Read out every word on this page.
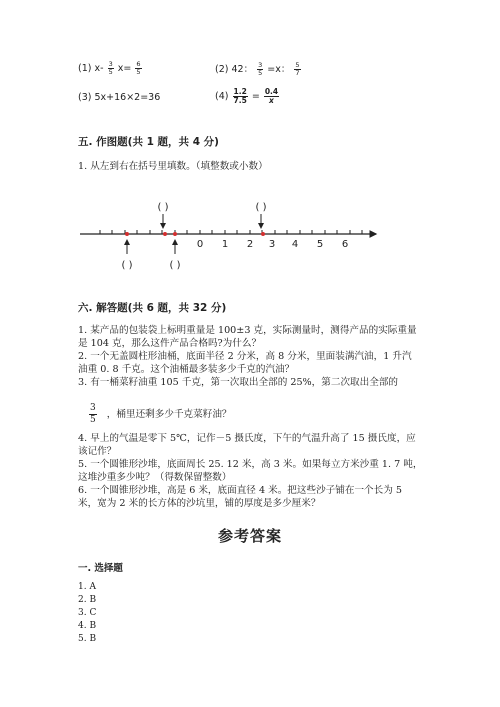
(1) $x- \frac{3}{5} x= \frac{6}{5}$	(2) 42： $\frac{3}{5} =x$： $\frac{5}{7}$
(3) 5x+16×2=36	$(4) \frac{1.2}{7.5} = \frac{0.4}{x}$
五. 作图题(共 1 题，共 4 分)
1. 从左到右在括号里填数。（填整数或小数）
0 1 2 3 4 5 6
( )	( )
( )	( )
六. 解答题(共 6 题，共 32 分)
1. 某产品的包装袋上标明重量是 100±3 克，实际测量时，测得产品的实际重量
是 104 克，那么这件产品合格吗?为什么？
2. 一个无盖圆柱形油桶，底面半径 2 分米，高 8 分米，里面装满汽油，1 升汽
油重 0. 8 千克。这个油桶最多装多少千克的汽油？
3. 有一桶菜籽油重 105 千克，第一次取出全部的 25%，第二次取出全部的
$\frac{3}{5}$ ，桶里还剩多少千克菜籽油？
4. 早上的气温是零下 5℃，记作－5 摄氏度，下午的气温升高了 15 摄氏度，应
该记作？
5. 一个圆锥形沙堆，底面周长 25. 12 米，高 3 米。如果每立方米沙重 1. 7 吨，
这堆沙重多少吨？（得数保留整数）
6. 一个圆锥形沙堆，高是 6 米，底面直径 4 米。把这些沙子铺在一个长为 5
米，宽为 2 米的长方体的沙坑里，铺的厚度是多少厘米？
参考答案
一. 选择题
1. A
2. B
3. C
4. B
5. B
